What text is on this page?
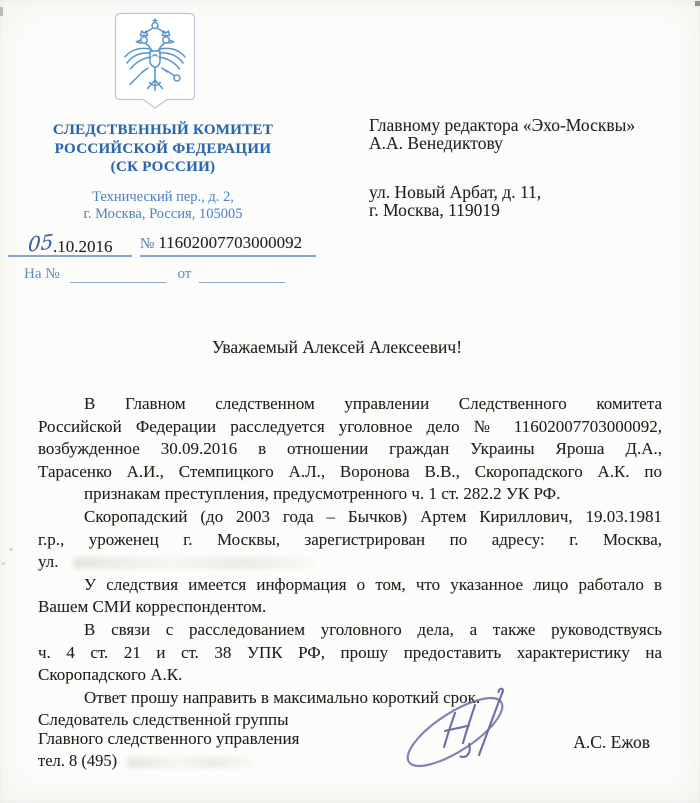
СЛЕДСТВЕННЫЙ КОМИТЕТ
РОССИЙСКОЙ ФЕДЕРАЦИИ
(СК РОССИИ)
Технический пер., д. 2,
г. Москва, Россия, 105005
Главному редактора «Эхо-Москвы»
А.А. Венедиктову
ул. Новый Арбат, д. 11,
г. Москва, 119019
05.10.2016	№ 11602007703000092
На №	от
Уважаемый Алексей Алексеевич!
В Главном следственном управлении Следственного комитета
Российской Федерации расследуется уголовное дело № 11602007703000092,
возбужденное 30.09.2016 в отношении граждан Украины Яроша Д.А.,
Тарасенко А.И., Стемпицкого А.Л., Воронова В.В., Скоропадского А.К. по
признакам преступления, предусмотренного ч. 1 ст. 282.2 УК РФ.
Скоропадский (до 2003 года – Бычков) Артем Кириллович, 19.03.1981
г.р., уроженец г. Москвы, зарегистрирован по адресу: г. Москва,
ул.
У следствия имеется информация о том, что указанное лицо работало в
Вашем СМИ корреспондентом.
В связи с расследованием уголовного дела, а также руководствуясь
ч. 4 ст. 21 и ст. 38 УПК РФ, прошу предоставить характеристику на
Скоропадского А.К.
Ответ прошу направить в максимально короткий срок.
Следователь следственной группы
Главного следственного управления	А.С. Ежов
тел. 8 (495)
